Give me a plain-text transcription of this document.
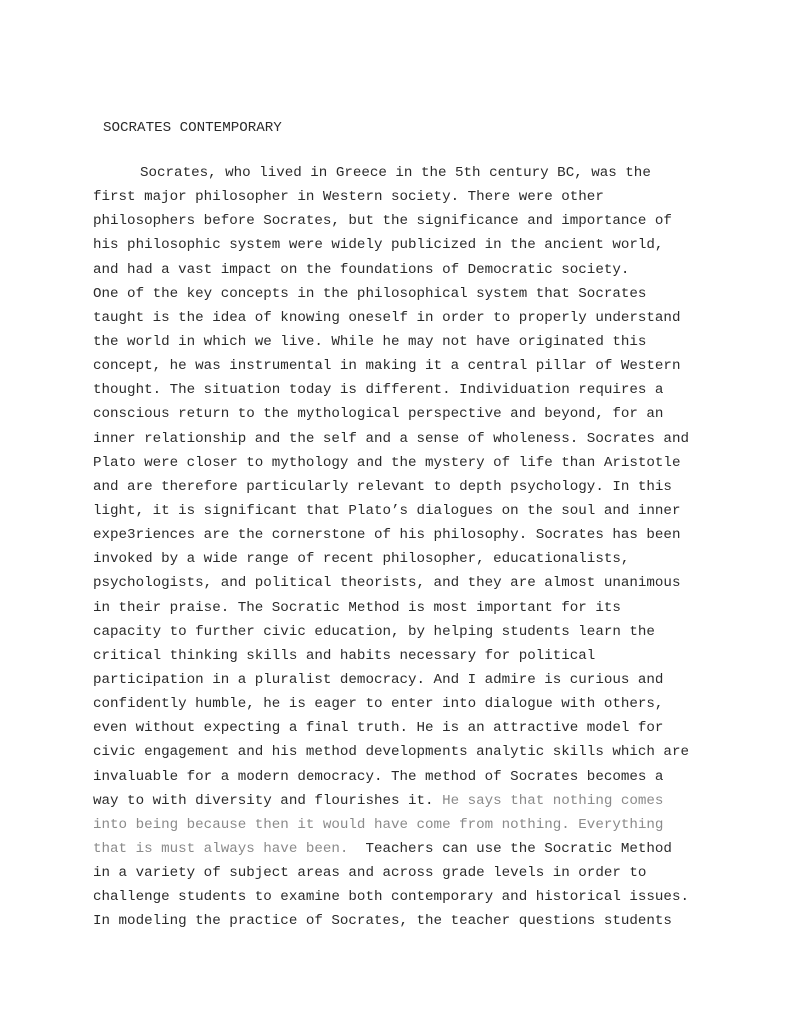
SOCRATES CONTEMPORARY
Socrates, who lived in Greece in the 5th century BC, was the
first major philosopher in Western society. There were other
philosophers before Socrates, but the significance and importance of
his philosophic system were widely publicized in the ancient world,
and had a vast impact on the foundations of Democratic society.
One of the key concepts in the philosophical system that Socrates
taught is the idea of knowing oneself in order to properly understand
the world in which we live. While he may not have originated this
concept, he was instrumental in making it a central pillar of Western
thought. The situation today is different. Individuation requires a
conscious return to the mythological perspective and beyond, for an
inner relationship and the self and a sense of wholeness. Socrates and
Plato were closer to mythology and the mystery of life than Aristotle
and are therefore particularly relevant to depth psychology. In this
light, it is significant that Plato’s dialogues on the soul and inner
expe3riences are the cornerstone of his philosophy. Socrates has been
invoked by a wide range of recent philosopher, educationalists,
psychologists, and political theorists, and they are almost unanimous
in their praise. The Socratic Method is most important for its
capacity to further civic education, by helping students learn the
critical thinking skills and habits necessary for political
participation in a pluralist democracy. And I admire is curious and
confidently humble, he is eager to enter into dialogue with others,
even without expecting a final truth. He is an attractive model for
civic engagement and his method developments analytic skills which are
invaluable for a modern democracy. The method of Socrates becomes a
way to with diversity and flourishes it. He says that nothing comes
into being because then it would have come from nothing. Everything
that is must always have been.  Teachers can use the Socratic Method
in a variety of subject areas and across grade levels in order to
challenge students to examine both contemporary and historical issues.
In modeling the practice of Socrates, the teacher questions students
